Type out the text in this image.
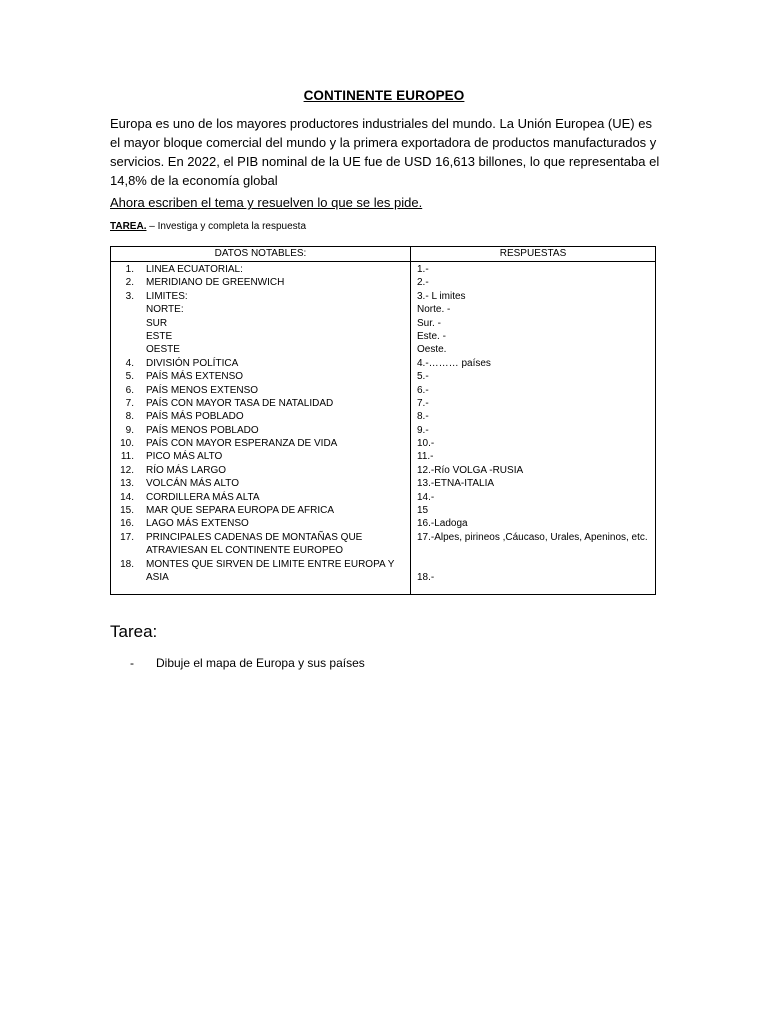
CONTINENTE EUROPEO

Europa es uno de los mayores productores industriales del mundo. La Unión Europea (UE) es el mayor bloque comercial del mundo y la primera exportadora de productos manufacturados y servicios. En 2022, el PIB nominal de la UE fue de USD 16,613 billones, lo que representaba el 14,8% de la economía global

Ahora escriben el tema y resuelven lo que se les pide.

TAREA. – Investiga y completa la respuesta

DATOS NOTABLES:	RESPUESTAS
1. LINEA ECUATORIAL:
2. MERIDIANO DE GREENWICH
3. LIMITES:
NORTE:
SUR
ESTE
OESTE
4. DIVISIÓN POLÍTICA
5. PAÍS MÁS EXTENSO
6. PAÍS MENOS EXTENSO
7. PAÍS CON MAYOR TASA DE NATALIDAD
8. PAÍS MÁS POBLADO
9. PAÍS MENOS POBLADO
10. PAÍS CON MAYOR ESPERANZA DE VIDA
11. PICO MÁS ALTO
12. RÍO MÁS LARGO
13. VOLCÁN MÁS ALTO
14. CORDILLERA MÁS ALTA
15. MAR QUE SEPARA EUROPA DE AFRICA
16. LAGO MÁS EXTENSO
17. PRINCIPALES CADENAS DE MONTAÑAS QUE ATRAVIESAN EL CONTINENTE EUROPEO
18. MONTES QUE SIRVEN DE LIMITE ENTRE EUROPA Y ASIA
1.-
2.-
3.- L imites
Norte. -
Sur. -
Este. -
Oeste.
4.-……… países
5.-
6.-
7.-
8.-
9.-
10.-
11.-
12.-Río VOLGA -RUSIA
13.-ETNA-ITALIA
14.-
15
16.-Ladoga
17.-Alpes, pirineos ,Cáucaso, Urales, Apeninos, etc.
18.-
Tarea:
-	Dibuje el mapa de Europa y sus países
